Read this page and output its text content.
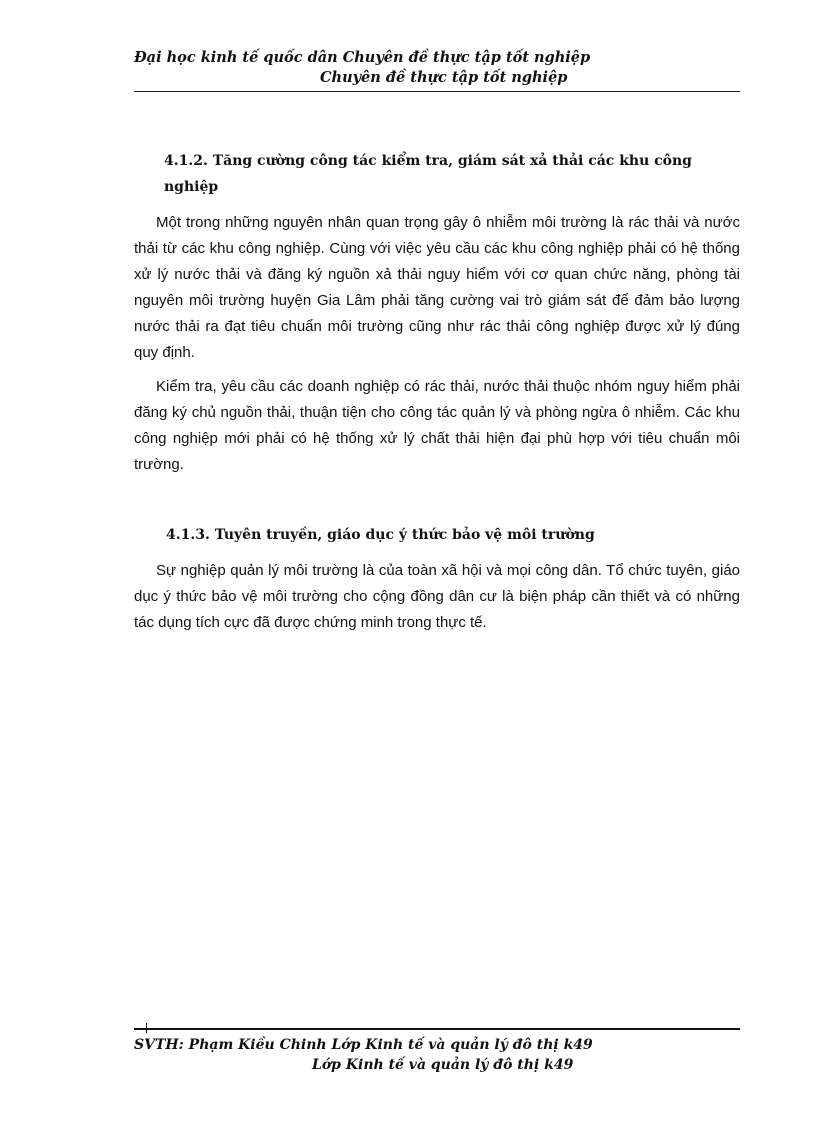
Đại học kinh tế quốc dân Chuyên đề thực tập tốt nghiệp
Chuyên đề thực tập tốt nghiệp
4.1.2. Tăng cường công tác kiểm tra, giám sát xả thải các khu công nghiệp

Một trong những nguyên nhân quan trọng gây ô nhiễm môi trường là rác thải và nước thải từ các khu công nghiệp. Cùng với việc yêu cầu các khu công nghiệp phải có hệ thống xử lý nước thải và đăng ký nguồn xả thải nguy hiểm với cơ quan chức năng, phòng tài nguyên môi trường huyện Gia Lâm phải tăng cường vai trò giám sát để đảm bảo lượng nước thải ra đạt tiêu chuẩn môi trường cũng như rác thải công nghiệp được xử lý đúng quy định.

Kiểm tra, yêu cầu các doanh nghiệp có rác thải, nước thải thuộc nhóm nguy hiểm phải đăng ký chủ nguồn thải, thuận tiện cho công tác quản lý và phòng ngừa ô nhiễm. Các khu công nghiệp mới phải có hệ thống xử lý chất thải hiện đại phù hợp với tiêu chuẩn môi trường.

4.1.3. Tuyên truyền, giáo dục ý thức bảo vệ môi trường

Sự nghiệp quản lý môi trường là của toàn xã hội và mọi công dân. Tổ chức tuyên, giáo dục ý thức bảo vệ môi trường cho cộng đồng dân cư là biện pháp cần thiết và có những tác dụng tích cực đã được chứng minh trong thực tế.

SVTH: Phạm Kiều Chinh Lớp Kinh tế và quản lý đô thị k49
Lớp Kinh tế và quản lý đô thị k49
